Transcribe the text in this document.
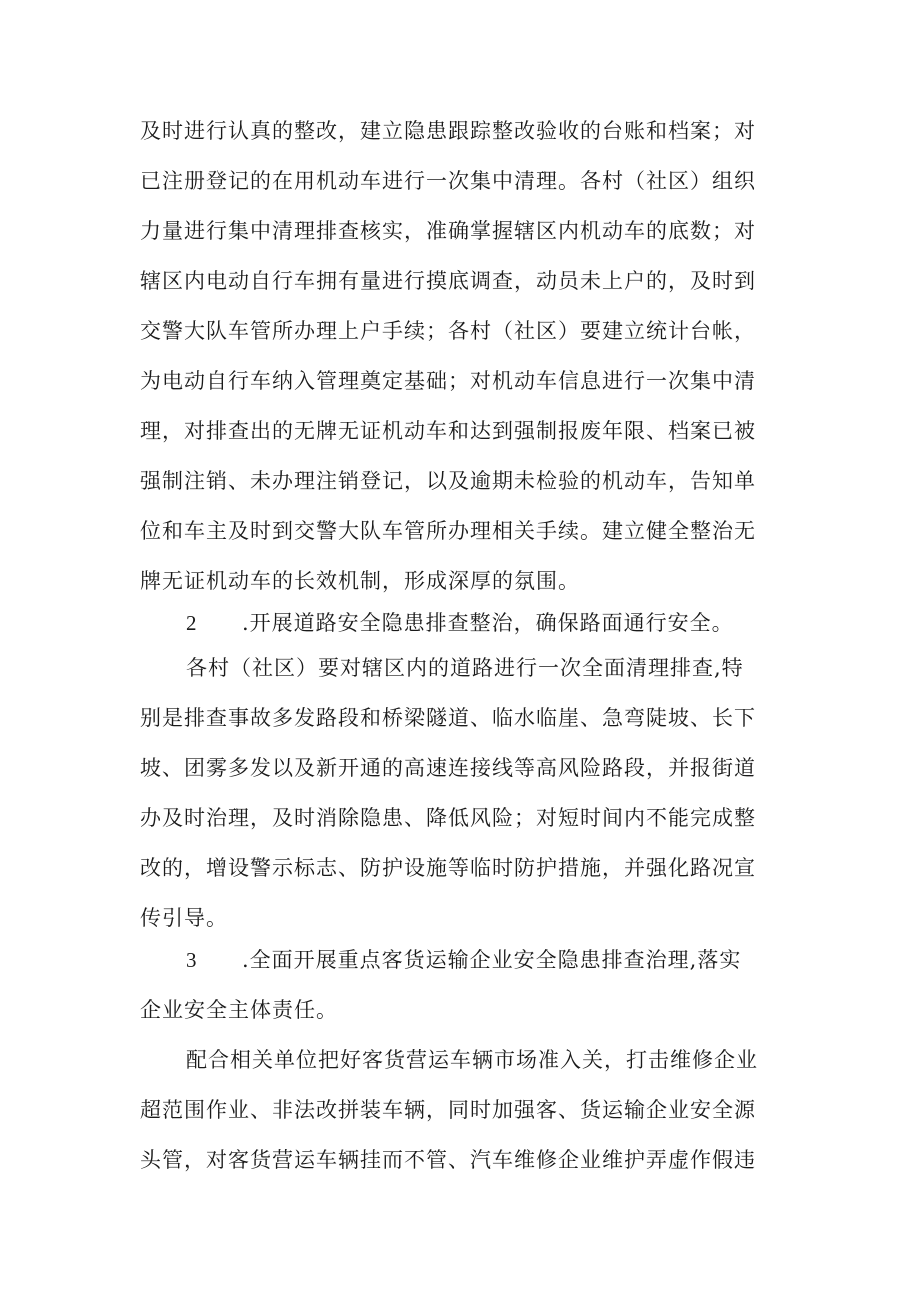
及时进行认真的整改，建立隐患跟踪整改验收的台账和档案；对
已注册登记的在用机动车进行一次集中清理。各村（社区）组织
力量进行集中清理排查核实，准确掌握辖区内机动车的底数；对
辖区内电动自行车拥有量进行摸底调查，动员未上户的，及时到
交警大队车管所办理上户手续；各村（社区）要建立统计台帐，
为电动自行车纳入管理奠定基础；对机动车信息进行一次集中清
理，对排查出的无牌无证机动车和达到强制报废年限、档案已被
强制注销、未办理注销登记，以及逾期未检验的机动车，告知单
位和车主及时到交警大队车管所办理相关手续。建立健全整治无
牌无证机动车的长效机制，形成深厚的氛围。
2 .开展道路安全隐患排查整治，确保路面通行安全。
各村（社区）要对辖区内的道路进行一次全面清理排查,特
别是排查事故多发路段和桥梁隧道、临水临崖、急弯陡坡、长下
坡、团雾多发以及新开通的高速连接线等高风险路段，并报街道
办及时治理，及时消除隐患、降低风险；对短时间内不能完成整
改的，增设警示标志、防护设施等临时防护措施，并强化路况宣
传引导。
3 .全面开展重点客货运输企业安全隐患排查治理,落实
企业安全主体责任。
配合相关单位把好客货营运车辆市场准入关，打击维修企业
超范围作业、非法改拼装车辆，同时加强客、货运输企业安全源
头管，对客货营运车辆挂而不管、汽车维修企业维护弄虚作假违
